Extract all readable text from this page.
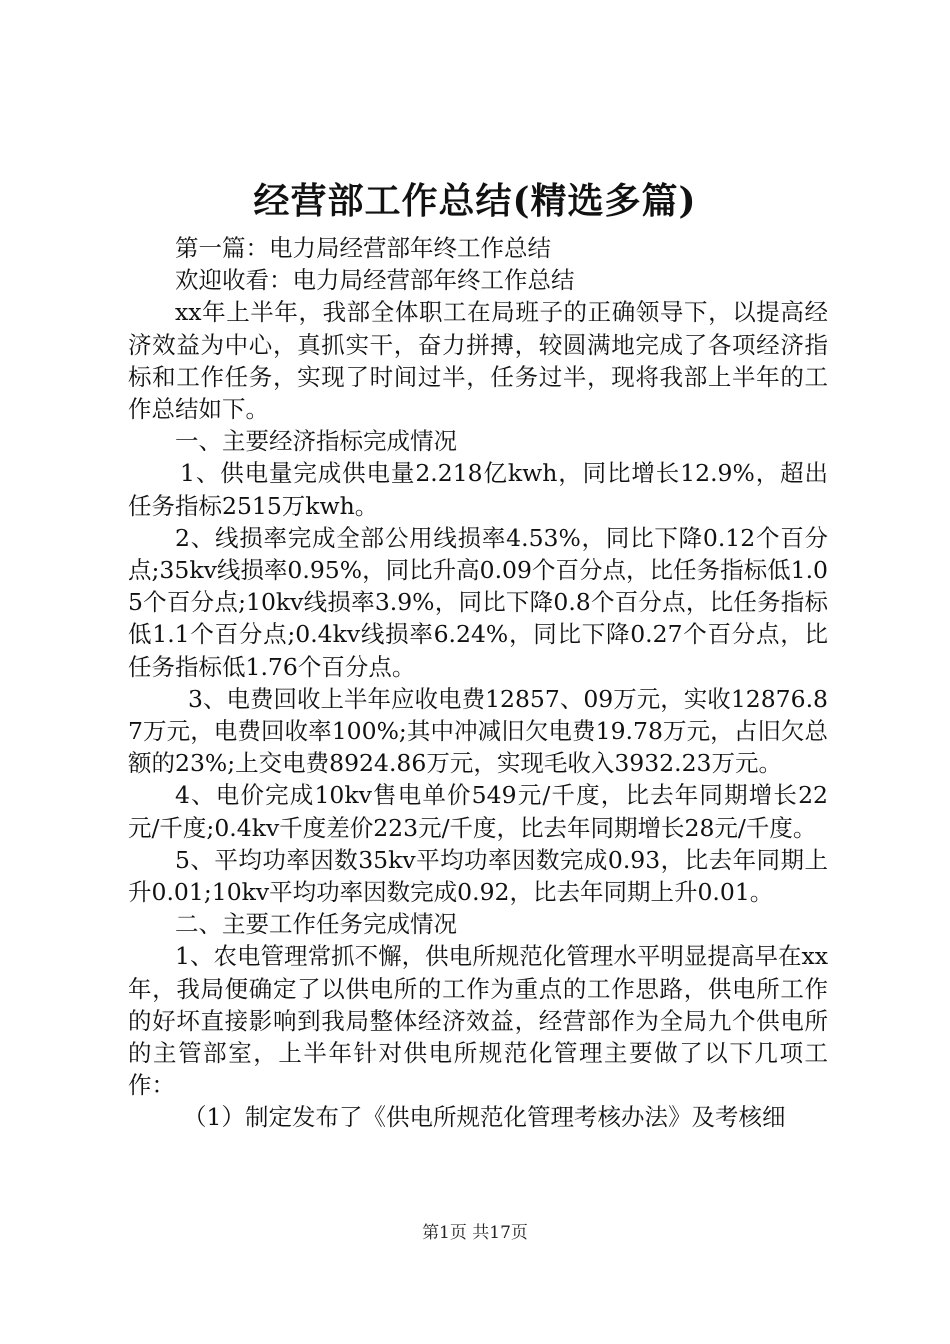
经营部工作总结(精选多篇)

第一篇：电力局经营部年终工作总结

欢迎收看：电力局经营部年终工作总结

xx年上半年，我部全体职工在局班子的正确领导下，以提高经济效益为中心，真抓实干，奋力拼搏，较圆满地完成了各项经济指标和工作任务，实现了时间过半，任务过半，现将我部上半年的工作总结如下。

一、主要经济指标完成情况

1、供电量完成供电量2.218亿kwh，同比增长12.9%，超出任务指标2515万kwh。

2、线损率完成全部公用线损率4.53%，同比下降0.12个百分点;35kv线损率0.95%，同比升高0.09个百分点，比任务指标低1.05个百分点;10kv线损率3.9%，同比下降0.8个百分点，比任务指标低1.1个百分点;0.4kv线损率6.24%，同比下降0.27个百分点，比任务指标低1.76个百分点。

3、电费回收上半年应收电费12857、09万元，实收12876.87万元，电费回收率100%;其中冲减旧欠电费19.78万元，占旧欠总额的23%;上交电费8924.86万元，实现毛收入3932.23万元。

4、电价完成10kv售电单价549元/千度，比去年同期增长22元/千度;0.4kv千度差价223元/千度，比去年同期增长28元/千度。

5、平均功率因数35kv平均功率因数完成0.93，比去年同期上升0.01;10kv平均功率因数完成0.92，比去年同期上升0.01。

二、主要工作任务完成情况

1、农电管理常抓不懈，供电所规范化管理水平明显提高早在xx年，我局便确定了以供电所的工作为重点的工作思路，供电所工作的好坏直接影响到我局整体经济效益，经营部作为全局九个供电所的主管部室，上半年针对供电所规范化管理主要做了以下几项工作：

（1）制定发布了《供电所规范化管理考核办法》及考核细

第1页 共17页
